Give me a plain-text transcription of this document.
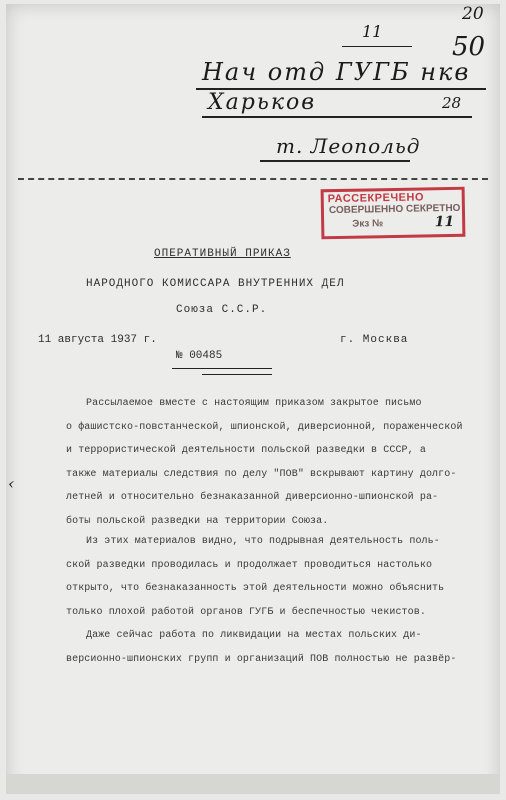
20
11
50
Нач отд ГУГБ нкв
Харьков	28
т. Леопольд
РАССЕКРЕЧЕНО
СОВЕРШЕННО СЕКРЕТНО
Экз №	11
ОПЕРАТИВНЫЙ ПРИКАЗ
НАРОДНОГО КОМИССАРА ВНУТРЕННИХ ДЕЛ
Союза С.С.Р.
11 августа 1937 г.	г. Москва
№ 00485
Рассылаемое вместе с настоящим приказом закрытое письмо
о фашистско-повстанческой, шпионской, диверсионной, пораженческой
и террористической деятельности польской разведки в СССР, а
также материалы следствия по делу "ПОВ" вскрывают картину долго-
летней и относительно безнаказанной диверсионно-шпионской ра-
боты польской разведки на территории Союза.
Из этих материалов видно, что подрывная деятельность поль-
ской разведки проводилась и продолжает проводиться настолько
открыто, что безнаказанность этой деятельности можно объяснить
только плохой работой органов ГУГБ и беспечностью чекистов.
Даже сейчас работа по ликвидации на местах польских ди-
версионно-шпионских групп и организаций ПОВ полностью не развёр-
‹
